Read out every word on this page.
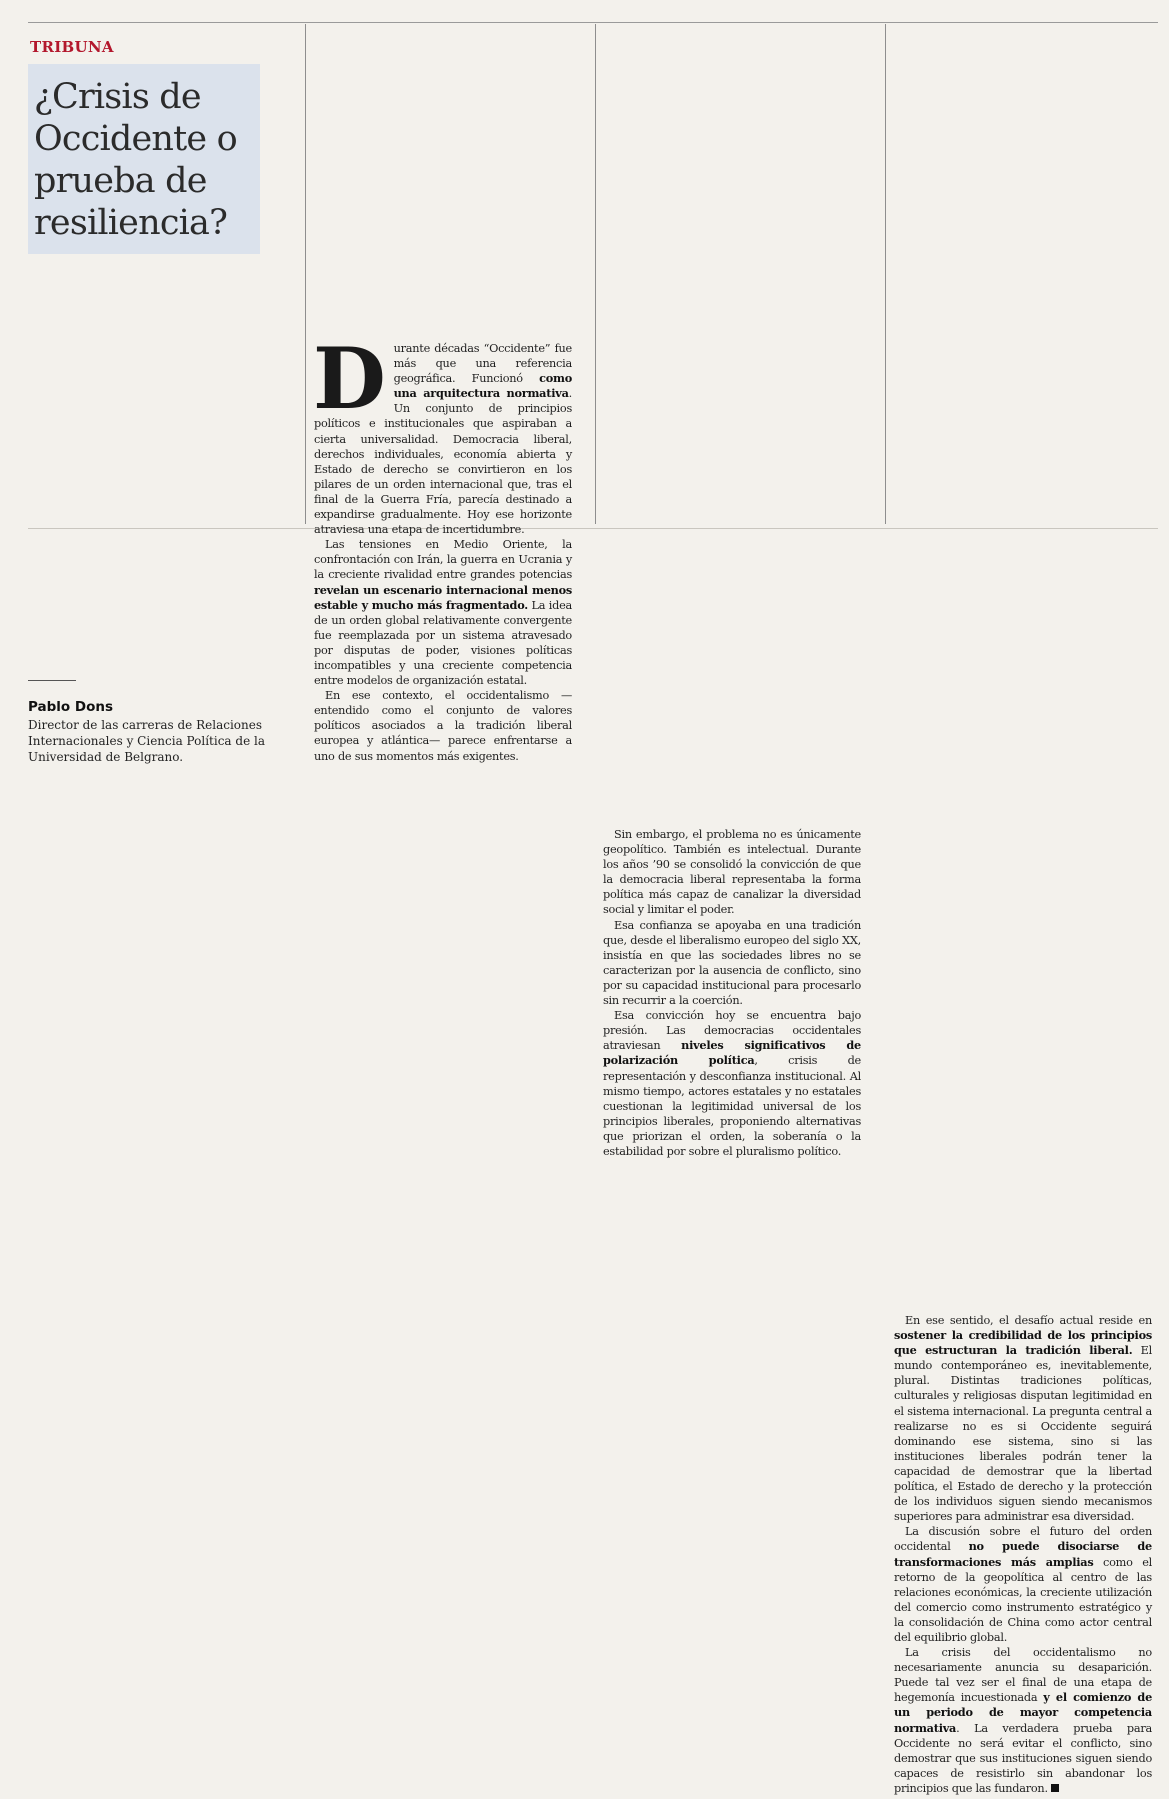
TRIBUNA
¿Crisis de Occidente o prueba de resiliencia?

Pablo Dons

Director de las carreras de Relaciones Internacionales y Ciencia Política de la Universidad de Belgrano.

Durante décadas “Occidente” fue más que una referencia geográfica. Funcionó como una arquitectura normativa. Un conjunto de principios políticos e institucionales que aspiraban a cierta universalidad. Democracia liberal, derechos individuales, economía abierta y Estado de derecho se convirtieron en los pilares de un orden internacional que, tras el final de la Guerra Fría, parecía destinado a expandirse gradualmente. Hoy ese horizonte atraviesa una etapa de incertidumbre.

Las tensiones en Medio Oriente, la confrontación con Irán, la guerra en Ucrania y la creciente rivalidad entre grandes potencias revelan un escenario internacional menos estable y mucho más fragmentado. La idea de un orden global relativamente convergente fue reemplazada por un sistema atravesado por disputas de poder, visiones políticas incompatibles y una creciente competencia entre modelos de organización estatal.

En ese contexto, el occidentalismo —entendido como el conjunto de valores políticos asociados a la tradición liberal europea y atlántica— parece enfrentarse a uno de sus momentos más exigentes.

Sin embargo, el problema no es únicamente geopolítico. También es intelectual. Durante los años ’90 se consolidó la convicción de que la democracia liberal representaba la forma política más capaz de canalizar la diversidad social y limitar el poder.

Esa confianza se apoyaba en una tradición que, desde el liberalismo europeo del siglo XX, insistía en que las sociedades libres no se caracterizan por la ausencia de conflicto, sino por su capacidad institucional para procesarlo sin recurrir a la coerción.

Esa convicción hoy se encuentra bajo presión. Las democracias occidentales atraviesan niveles significativos de polarización política, crisis de representación y desconfianza institucional. Al mismo tiempo, actores estatales y no estatales cuestionan la legitimidad universal de los principios liberales, proponiendo alternativas que priorizan el orden, la soberanía o la estabilidad por sobre el pluralismo político.

En ese sentido, el desafío actual reside en sostener la credibilidad de los principios que estructuran la tradición liberal. El mundo contemporáneo es, inevitablemente, plural. Distintas tradiciones políticas, culturales y religiosas disputan legitimidad en el sistema internacional. La pregunta central a realizarse no es si Occidente seguirá dominando ese sistema, sino si las instituciones liberales podrán tener la capacidad de demostrar que la libertad política, el Estado de derecho y la protección de los individuos siguen siendo mecanismos superiores para administrar esa diversidad.

La discusión sobre el futuro del orden occidental no puede disociarse de transformaciones más amplias como el retorno de la geopolítica al centro de las relaciones económicas, la creciente utilización del comercio como instrumento estratégico y la consolidación de China como actor central del equilibrio global.

La crisis del occidentalismo no necesariamente anuncia su desaparición. Puede tal vez ser el final de una etapa de hegemonía incuestionada y el comienzo de un periodo de mayor competencia normativa. La verdadera prueba para Occidente no será evitar el conflicto, sino demostrar que sus instituciones siguen siendo capaces de resistirlo sin abandonar los principios que las fundaron.
